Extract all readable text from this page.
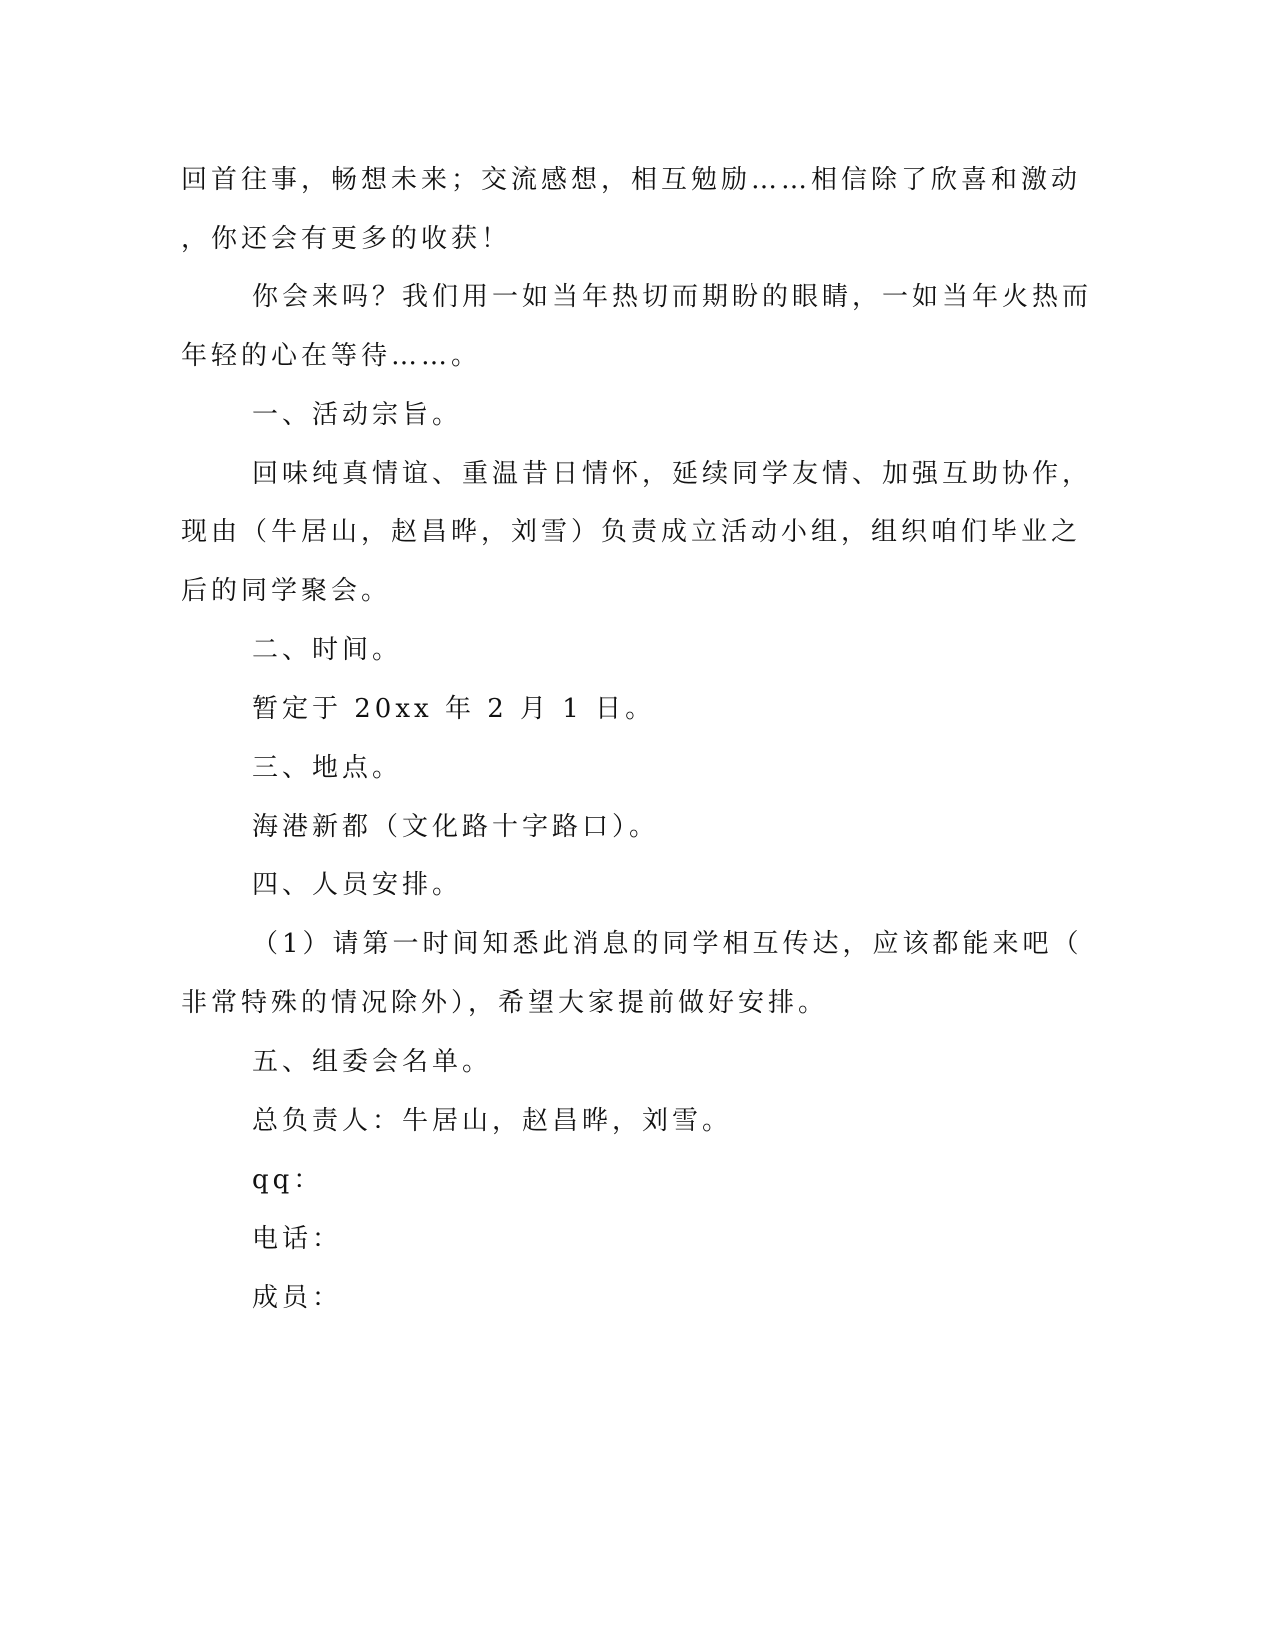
回首往事，畅想未来；交流感想，相互勉励……相信除了欣喜和激动
，你还会有更多的收获！
你会来吗？我们用一如当年热切而期盼的眼睛，一如当年火热而
年轻的心在等待……。
一、活动宗旨。
回味纯真情谊、重温昔日情怀，延续同学友情、加强互助协作，
现由（牛居山，赵昌晔，刘雪）负责成立活动小组，组织咱们毕业之
后的同学聚会。
二、时间。
暂定于 20xx 年 2 月 1 日。
三、地点。
海港新都（文化路十字路口）。
四、人员安排。
（1）请第一时间知悉此消息的同学相互传达，应该都能来吧（
非常特殊的情况除外），希望大家提前做好安排。
五、组委会名单。
总负责人：牛居山，赵昌晔，刘雪。
qq：
电话：
成员：
